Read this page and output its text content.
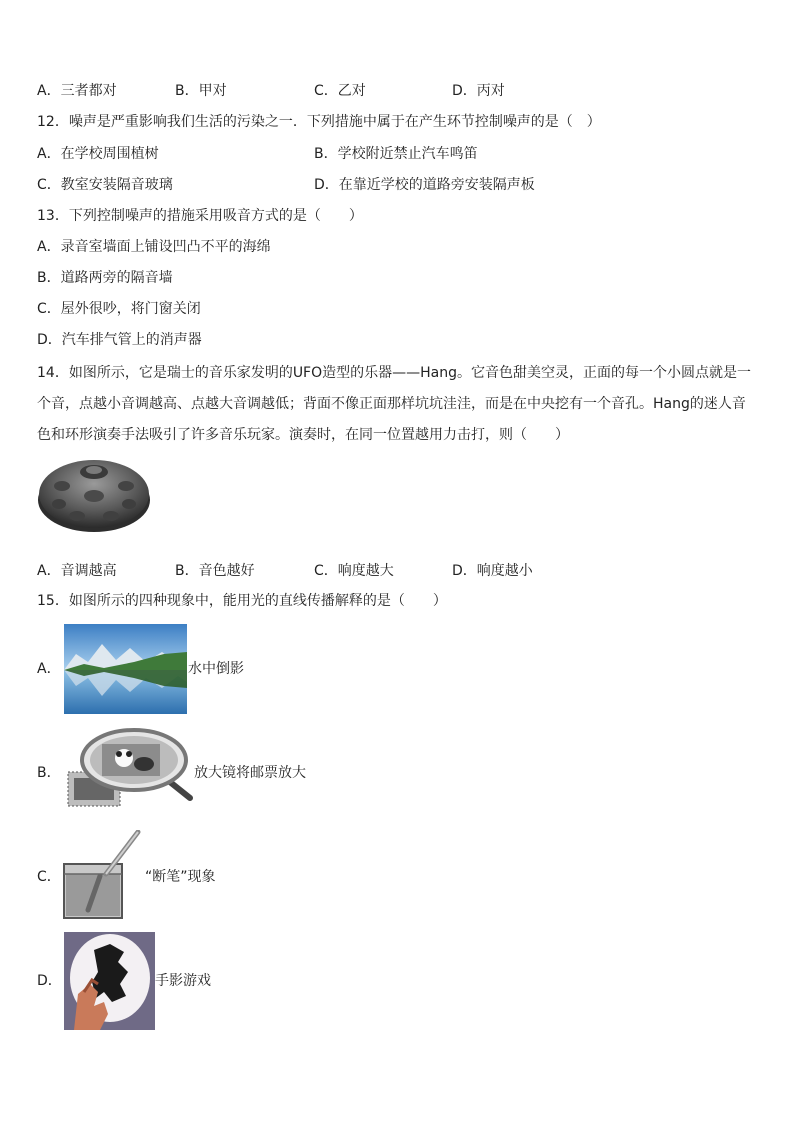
A．三者都对	B．甲对	C．乙对	D．丙对
12．噪声是严重影响我们生活的污染之一．下列措施中属于在产生环节控制噪声的是（　）
A．在学校周围植树	B．学校附近禁止汽车鸣笛
C．教室安装隔音玻璃	D．在靠近学校的道路旁安装隔声板
13．下列控制噪声的措施采用吸音方式的是（　　）
A．录音室墙面上铺设凹凸不平的海绵
B．道路两旁的隔音墙
C．屋外很吵，将门窗关闭
D．汽车排气管上的消声器
14．如图所示，它是瑞士的音乐家发明的UFO造型的乐器——Hang。它音色甜美空灵，正面的每一个小圆点就是一个音，点越小音调越高、点越大音调越低；背面不像正面那样坑坑洼洼，而是在中央挖有一个音孔。Hang的迷人音色和环形演奏手法吸引了许多音乐玩家。演奏时，在同一位置越用力击打，则（　　）
A．音调越高	B．音色越好	C．响度越大	D．响度越小
15．如图所示的四种现象中，能用光的直线传播解释的是（　　）
A．	水中倒影
B．	放大镜将邮票放大
C．	“断笔”现象
D．	手影游戏
